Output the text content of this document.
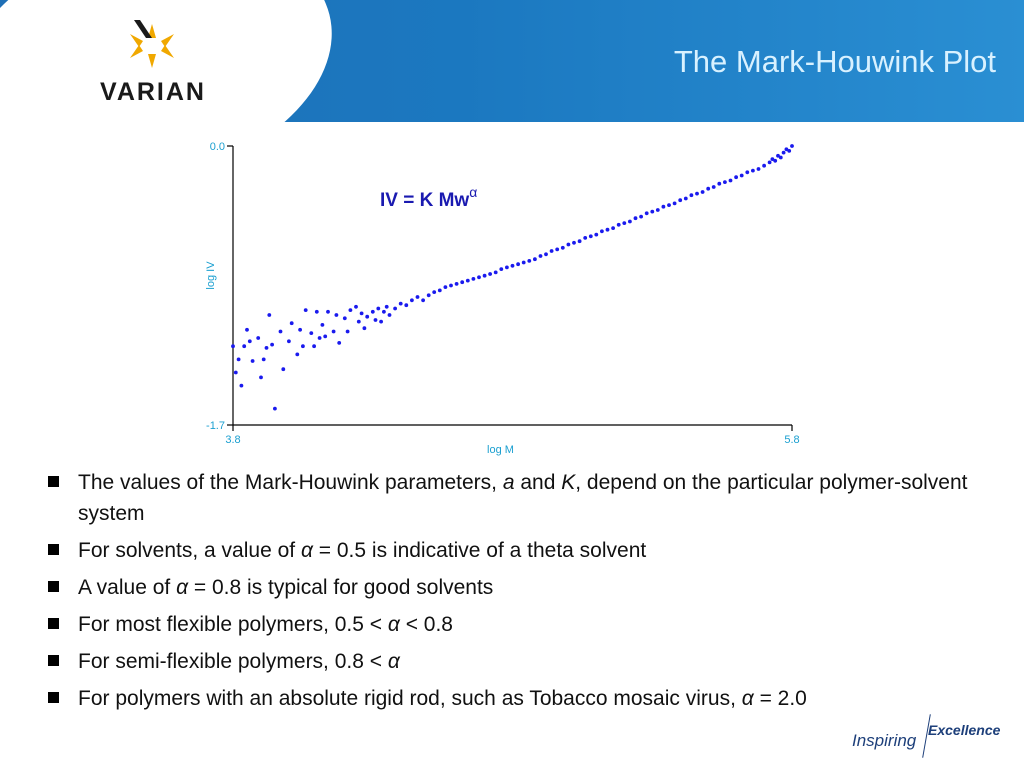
VARIAN
The Mark-Houwink Plot
0.0
-1.7
3.8	5.8
log M
log IV
IV = K $Mw^\alpha$
The values of the Mark-Houwink parameters, a and K, depend on the particular polymer-solvent system
For solvents, a value of α = 0.5 is indicative of a theta solvent
A value of α = 0.8 is typical for good solvents
For most flexible polymers, 0.5 < α < 0.8
For semi-flexible polymers, 0.8 < α
For polymers with an absolute rigid rod, such as Tobacco mosaic virus, α = 2.0
Inspiring
Excellence
